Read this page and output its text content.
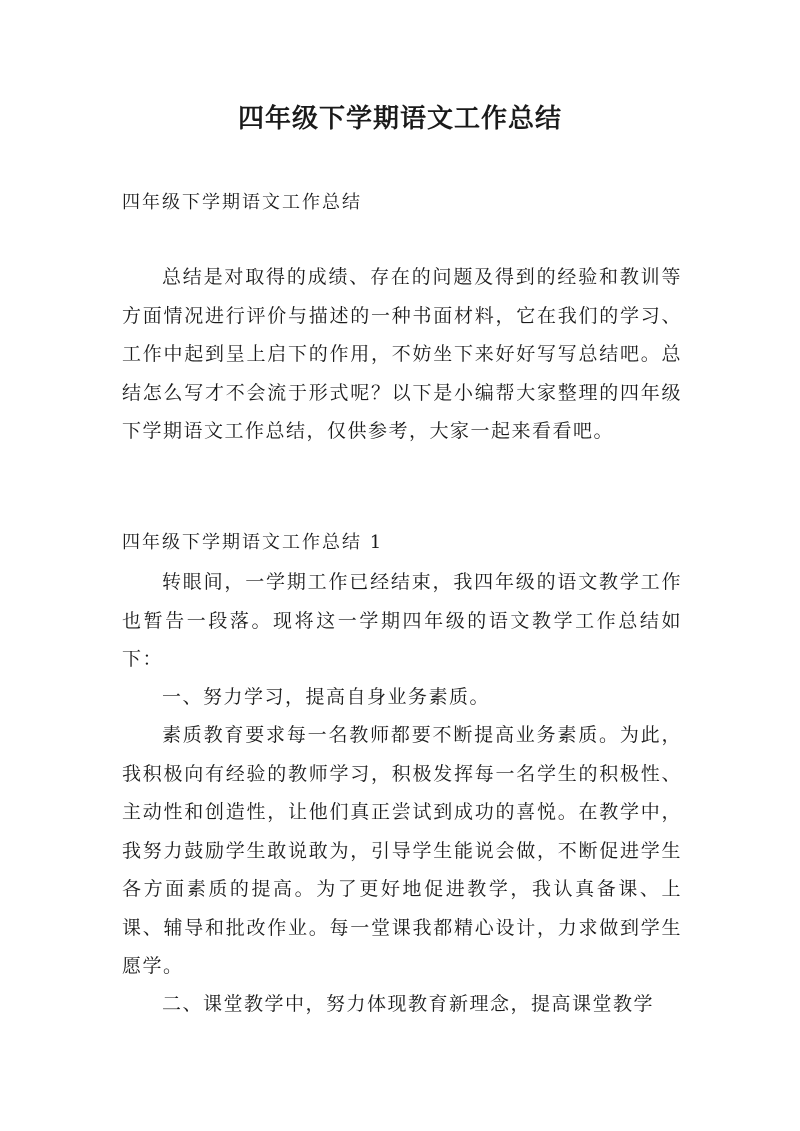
四年级下学期语文工作总结

四年级下学期语文工作总结

总结是对取得的成绩、存在的问题及得到的经验和教训等方面情况进行评价与描述的一种书面材料，它在我们的学习、工作中起到呈上启下的作用，不妨坐下来好好写写总结吧。总结怎么写才不会流于形式呢？以下是小编帮大家整理的四年级下学期语文工作总结，仅供参考，大家一起来看看吧。

四年级下学期语文工作总结 1

转眼间，一学期工作已经结束，我四年级的语文教学工作也暂告一段落。现将这一学期四年级的语文教学工作总结如下：

一、努力学习，提高自身业务素质。

素质教育要求每一名教师都要不断提高业务素质。为此，我积极向有经验的教师学习，积极发挥每一名学生的积极性、主动性和创造性，让他们真正尝试到成功的喜悦。在教学中，我努力鼓励学生敢说敢为，引导学生能说会做，不断促进学生各方面素质的提高。为了更好地促进教学，我认真备课、上课、辅导和批改作业。每一堂课我都精心设计，力求做到学生愿学。

二、课堂教学中，努力体现教育新理念，提高课堂教学
